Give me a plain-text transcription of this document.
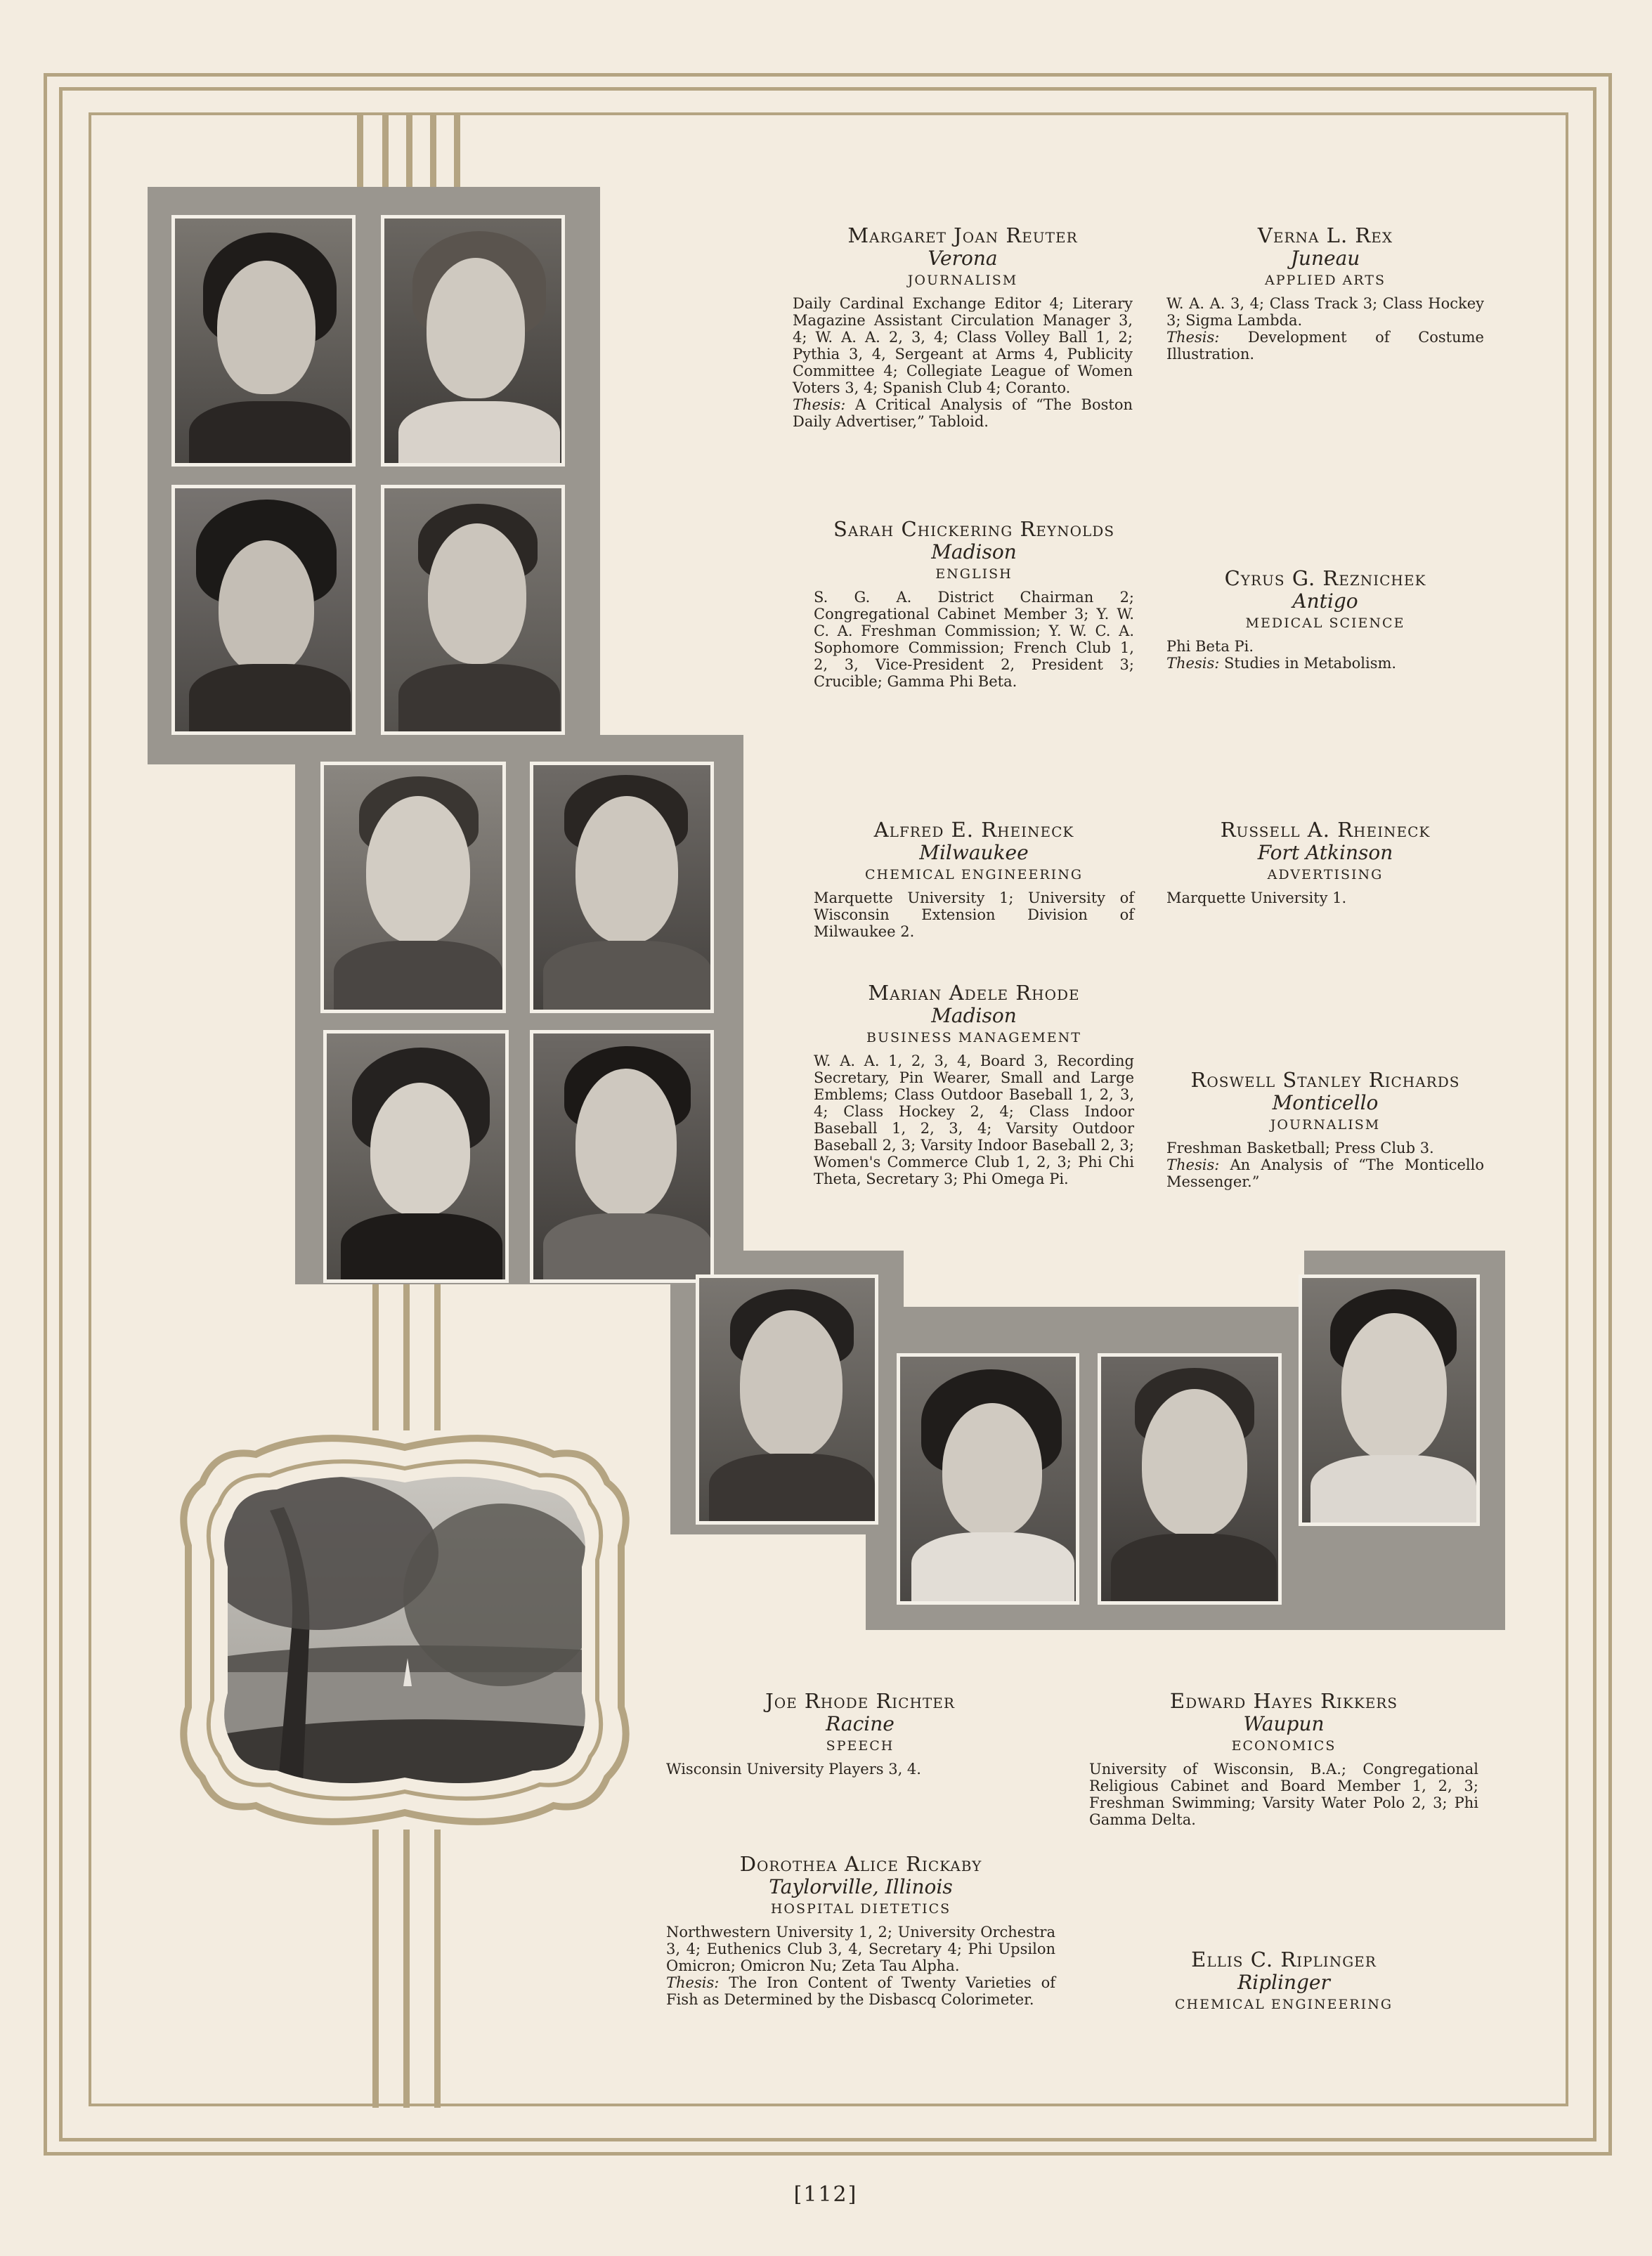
Margaret Joan Reuter
Verona
JOURNALISM
Daily Cardinal Exchange Editor 4; Literary Magazine Assistant Circulation Manager 3, 4; W. A. A. 2, 3, 4; Class Volley Ball 1, 2; Pythia 3, 4, Sergeant at Arms 4, Publicity Committee 4; Collegiate League of Women Voters 3, 4; Spanish Club 4; Coranto.
Thesis: A Critical Analysis of “The Boston Daily Advertiser,” Tabloid.
Verna L. Rex
Juneau
APPLIED ARTS
W. A. A. 3, 4; Class Track 3; Class Hockey 3; Sigma Lambda.
Thesis: Development of Costume Illustration.
Sarah Chickering Reynolds
Madison
ENGLISH
S. G. A. District Chairman 2; Congregational Cabinet Member 3; Y. W. C. A. Freshman Commission; Y. W. C. A. Sophomore Commission; French Club 1, 2, 3, Vice-President 2, President 3; Crucible; Gamma Phi Beta.
Cyrus G. Reznichek
Antigo
MEDICAL SCIENCE
Phi Beta Pi.
Thesis: Studies in Metabolism.
Alfred E. Rheineck
Milwaukee
CHEMICAL ENGINEERING
Marquette University 1; University of Wisconsin Extension Division of Milwaukee 2.
Russell A. Rheineck
Fort Atkinson
ADVERTISING
Marquette University 1.
Marian Adele Rhode
Madison
BUSINESS MANAGEMENT
W. A. A. 1, 2, 3, 4, Board 3, Recording Secretary, Pin Wearer, Small and Large Emblems; Class Outdoor Baseball 1, 2, 3, 4; Class Hockey 2, 4; Class Indoor Baseball 1, 2, 3, 4; Varsity Outdoor Baseball 2, 3; Varsity Indoor Baseball 2, 3; Women's Commerce Club 1, 2, 3; Phi Chi Theta, Secretary 3; Phi Omega Pi.
Roswell Stanley Richards
Monticello
JOURNALISM
Freshman Basketball; Press Club 3.
Thesis: An Analysis of “The Monticello Messenger.”
Joe Rhode Richter
Racine
SPEECH
Wisconsin University Players 3, 4.
Edward Hayes Rikkers
Waupun
ECONOMICS
University of Wisconsin, B.A.; Congregational Religious Cabinet and Board Member 1, 2, 3; Freshman Swimming; Varsity Water Polo 2, 3; Phi Gamma Delta.
Dorothea Alice Rickaby
Taylorville, Illinois
HOSPITAL DIETETICS
Northwestern University 1, 2; University Orchestra 3, 4; Euthenics Club 3, 4, Secretary 4; Phi Upsilon Omicron; Omicron Nu; Zeta Tau Alpha.
Thesis: The Iron Content of Twenty Varieties of Fish as Determined by the Disbascq Colorimeter.
Ellis C. Riplinger
Riplinger
CHEMICAL ENGINEERING
[112]
